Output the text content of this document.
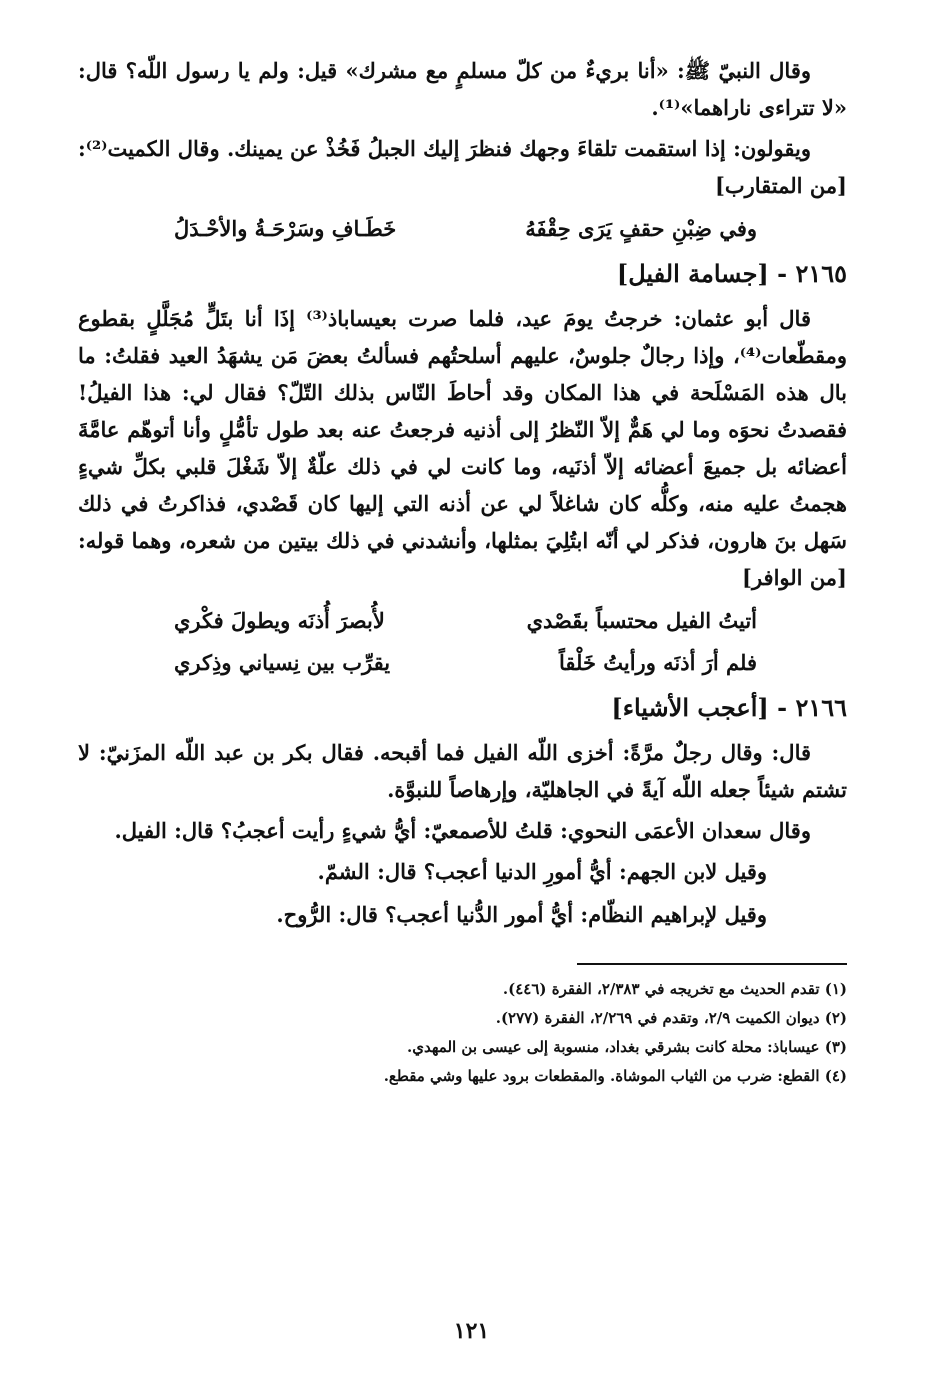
وقال النبيّ ﷺ: «أنا بريءٌ من كلّ مسلمٍ مع مشرك» قيل: ولم يا رسول اللّه؟ قال: «لا تتراءى ناراهما»⁽¹⁾.

ويقولون: إذا استقمت تلقاءَ وجهك فنظرَ إليك الجبلُ فَخُذْ عن يمينك. وقال الكميت⁽²⁾: [من المتقارب]

وفي ضِبْنِ حقفٍ يَرَى حِقْفَهُ
خَطَـافِ وسَرْحَـةُ والأحْـدَلُ
٢١٦٥ - [جسامة الفيل]

قال أبو عثمان: خرجتُ يومَ عيد، فلما صرت بعيساباذ⁽³⁾ إذَا أنا بتَلٍّ مُجَلَّلٍ بقطوع ومقطّعات⁽⁴⁾، وإذا رجالٌ جلوسٌ، عليهم أسلحتُهم فسألتُ بعضَ مَن يشهَدُ العيد فقلتُ: ما بال هذه المَسْلَحة في هذا المكان وقد أحاطَ النّاس بذلك التّلّ؟ فقال لي: هذا الفيلُ! فقصدتُ نحوَه وما لي هَمٌّ إلاّ النّظرُ إلى أذنيه فرجعتُ عنه بعد طول تأمُّلٍ وأنا أتوهّم عامَّةَ أعضائه بل جميعَ أعضائه إلاّ أذنَيه، وما كانت لي في ذلك علّةٌ إلاّ شَغْلَ قلبي بكلِّ شيءٍ هجمتُ عليه منه، وكلُّه كان شاغلاً لي عن أذنه التي إليها كان قَصْدي، فذاكرتُ في ذلك سَهل بنَ هارون، فذكر لي أنّه ابتُلِيَ بمثلها، وأنشدني في ذلك بيتين من شعره، وهما قوله: [من الوافر]

أتيتُ الفيل محتسباً بقَصْدي
لأُبصرَ أُذنَه ويطولَ فكْري
فلم أرَ أذنَه ورأيتُ خَلْقاً
يقرِّب بين نِسياني وذِكري
٢١٦٦ - [أعجب الأشياء]

قال: وقال رجلٌ مرَّةً: أخزى اللّه الفيل فما أقبحه. فقال بكر بن عبد اللّه المزَنيّ: لا تشتم شيئاً جعله اللّه آيةً في الجاهليّة، وإرهاصاً للنبوَّة.

وقال سعدان الأعمَى النحوي: قلتُ للأصمعيّ: أيُّ شيءٍ رأيت أعجبُ؟ قال: الفيل.

وقيل لابن الجهم: أيُّ أمورِ الدنيا أعجب؟ قال: الشمّ.

وقيل لإبراهيم النظّام: أيُّ أمور الدُّنيا أعجب؟ قال: الرُّوح.

(١) تقدم الحديث مع تخريجه في ٢/٣٨٣، الفقرة (٤٤٦).
(٢) ديوان الكميت ٢/٩، وتقدم في ٢/٢٦٩، الفقرة (٢٧٧).
(٣) عيساباذ: محلة كانت بشرقي بغداد، منسوبة إلى عيسى بن المهدي.
(٤) القطع: ضرب من الثياب الموشاة. والمقطعات برود عليها وشي مقطع.
١٢١
